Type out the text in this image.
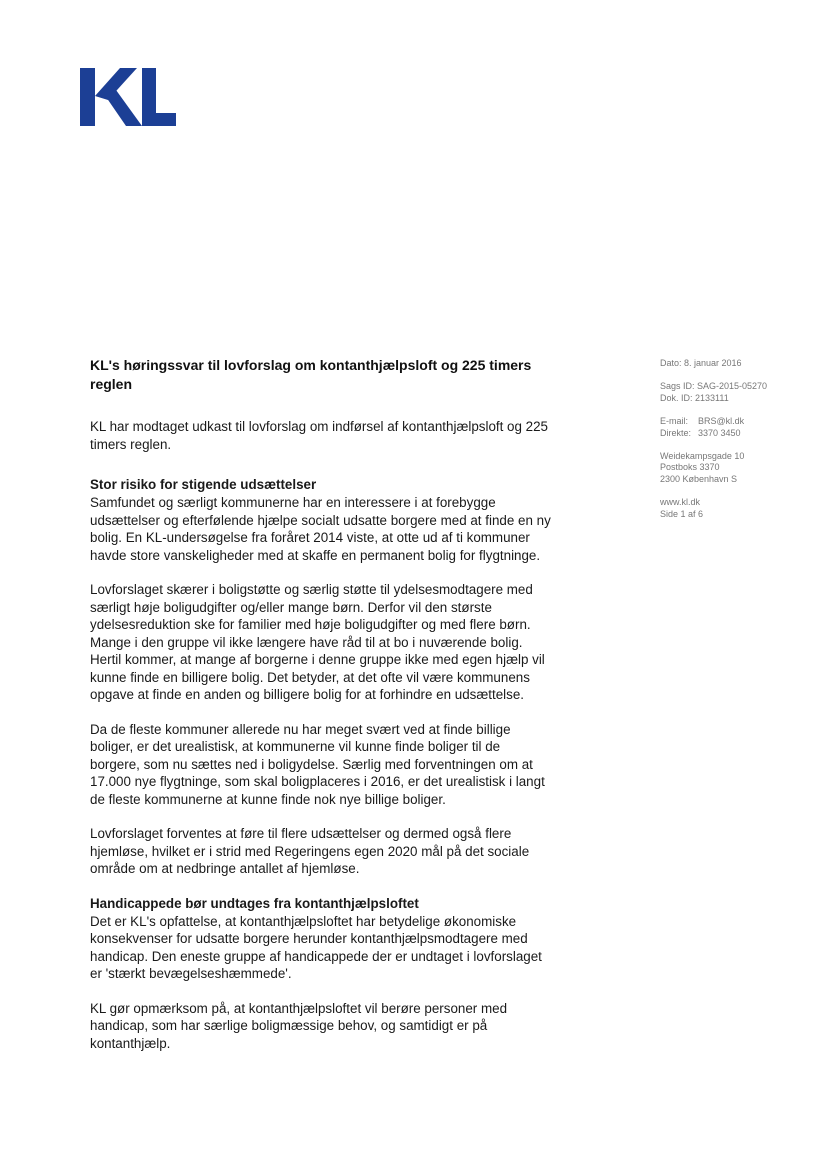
KL's høringssvar til lovforslag om kontanthjælpsloft og 225 timers reglen

KL har modtaget udkast til lovforslag om indførsel af kontanthjælpsloft og 225 timers reglen.

Stor risiko for stigende udsættelser

Samfundet og særligt kommunerne har en interessere i at forebygge udsættelser og efterfølende hjælpe socialt udsatte borgere med at finde en ny bolig. En KL-undersøgelse fra foråret 2014 viste, at otte ud af ti kommuner havde store vanskeligheder med at skaffe en permanent bolig for flygtninge.

Lovforslaget skærer i boligstøtte og særlig støtte til ydelsesmodtagere med særligt høje boligudgifter og/eller mange børn. Derfor vil den største ydelsesreduktion ske for familier med høje boligudgifter og med flere børn. Mange i den gruppe vil ikke længere have råd til at bo i nuværende bolig. Hertil kommer, at mange af borgerne i denne gruppe ikke med egen hjælp vil kunne finde en billigere bolig. Det betyder, at det ofte vil være kommunens opgave at finde en anden og billigere bolig for at forhindre en udsættelse.

Da de fleste kommuner allerede nu har meget svært ved at finde billige boliger, er det urealistisk, at kommunerne vil kunne finde boliger til de borgere, som nu sættes ned i boligydelse. Særlig med forventningen om at 17.000 nye flygtninge, som skal boligplaceres i 2016, er det urealistisk i langt de fleste kommunerne at kunne finde nok nye billige boliger.

Lovforslaget forventes at føre til flere udsættelser og dermed også flere hjemløse, hvilket er i strid med Regeringens egen 2020 mål på det sociale område om at nedbringe antallet af hjemløse.

Handicappede bør undtages fra kontanthjælpsloftet

Det er KL's opfattelse, at kontanthjælpsloftet har betydelige økonomiske konsekvenser for udsatte borgere herunder kontanthjælpsmodtagere med handicap. Den eneste gruppe af handicappede der er undtaget i lovforslaget er 'stærkt bevægelseshæmmede'.

KL gør opmærksom på, at kontanthjælpsloftet vil berøre personer med handicap, som har særlige boligmæssige behov, og samtidigt er på kontanthjælp.

Dato: 8. januar 2016
Sags ID: SAG-2015-05270
Dok. ID: 2133111
E-mail: BRS@kl.dk
Direkte: 3370 3450
Weidekampsgade 10
Postboks 3370
2300 København S
www.kl.dk
Side 1 af 6
